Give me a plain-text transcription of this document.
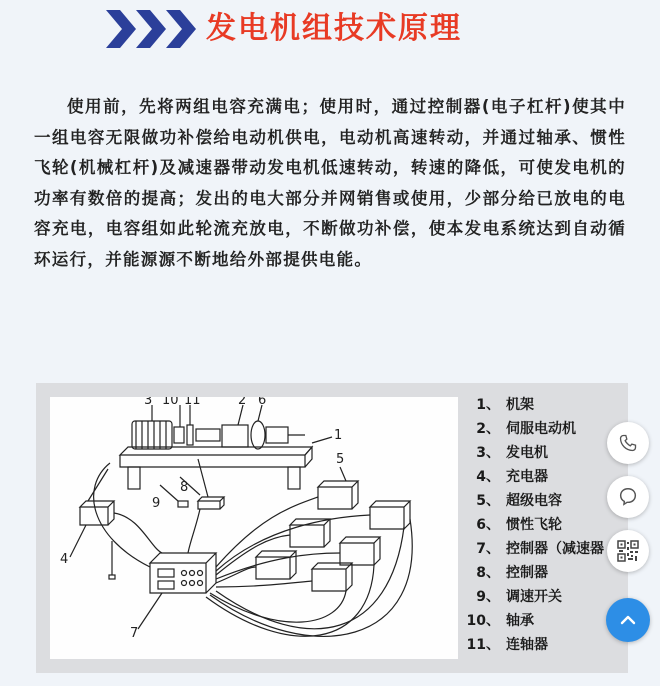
发电机组技术原理
使用前，先将两组电容充满电；使用时，通过控制器(电子杠杆)使其中一组电容无限做功补偿给电动机供电，电动机高速转动，并通过轴承、惯性飞轮(机械杠杆)及减速器带动发电机低速转动，转速的降低，可使发电机的功率有数倍的提高；发出的电大部分并网销售或使用，少部分给已放电的电容充电，电容组如此轮流充放电，不断做功补偿，使本发电系统达到自动循环运行，并能源源不断地给外部提供电能。
3 10 11	2 6
1
5
8
9
4
7
1、 机架
2、 伺服电动机
3、 发电机
4、 充电器
5、 超级电容
6、 惯性飞轮
7、 控制器（减速器
8、 控制器
9、 调速开关
10、 轴承
11、 连轴器
